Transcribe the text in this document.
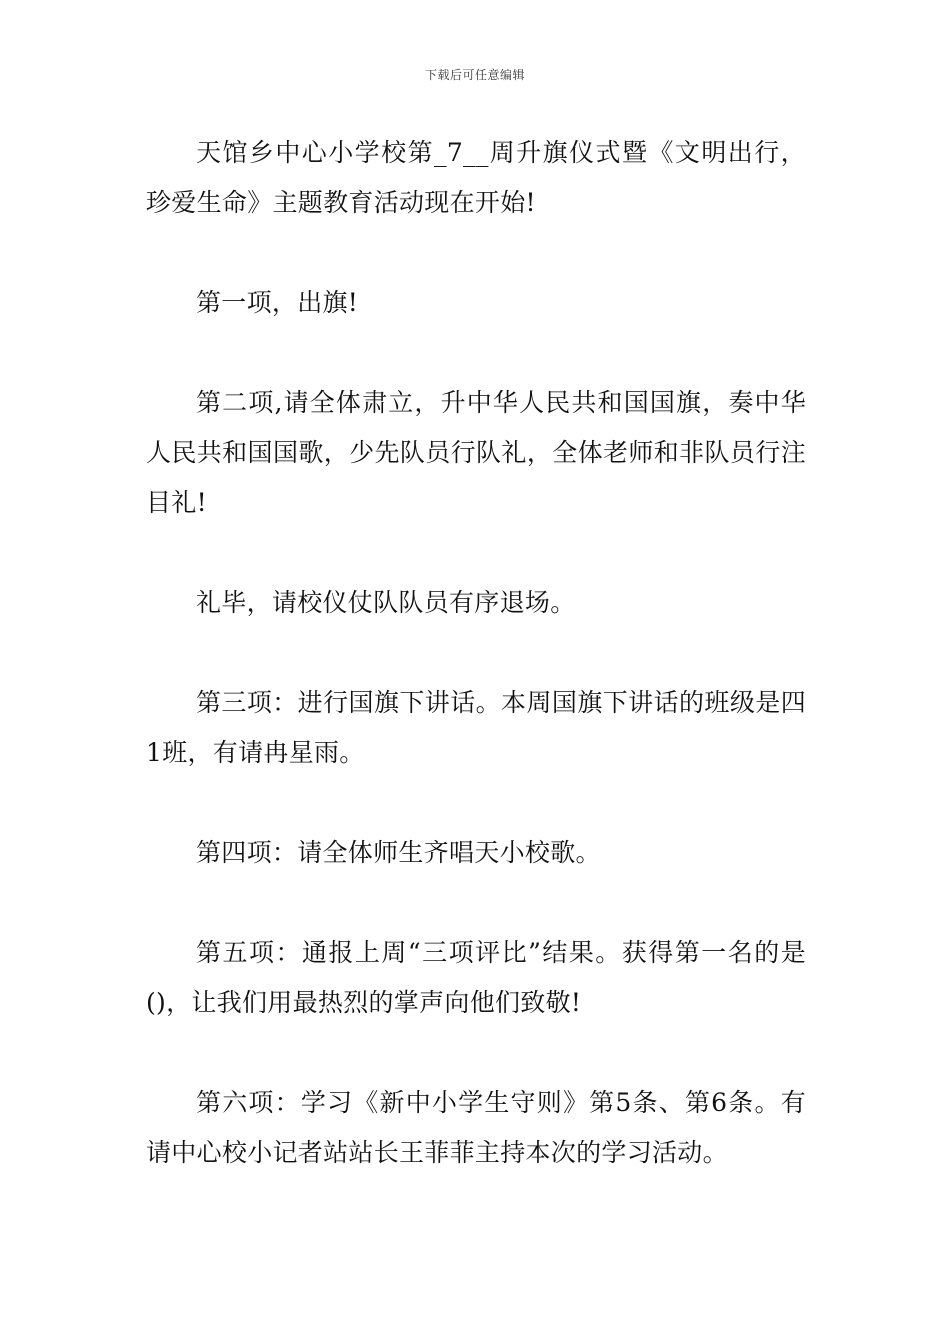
下载后可任意编辑

天馆乡中心小学校第_7__周升旗仪式暨《文明出行，珍爱生命》主题教育活动现在开始!

第一项，出旗!

第二项,请全体肃立，升中华人民共和国国旗，奏中华人民共和国国歌，少先队员行队礼，全体老师和非队员行注目礼!

礼毕，请校仪仗队队员有序退场。

第三项：进行国旗下讲话。本周国旗下讲话的班级是四1班，有请冉星雨。

第四项：请全体师生齐唱天小校歌。

第五项：通报上周“三项评比”结果。获得第一名的是()，让我们用最热烈的掌声向他们致敬!

第六项：学习《新中小学生守则》第5条、第6条。有请中心校小记者站站长王菲菲主持本次的学习活动。
